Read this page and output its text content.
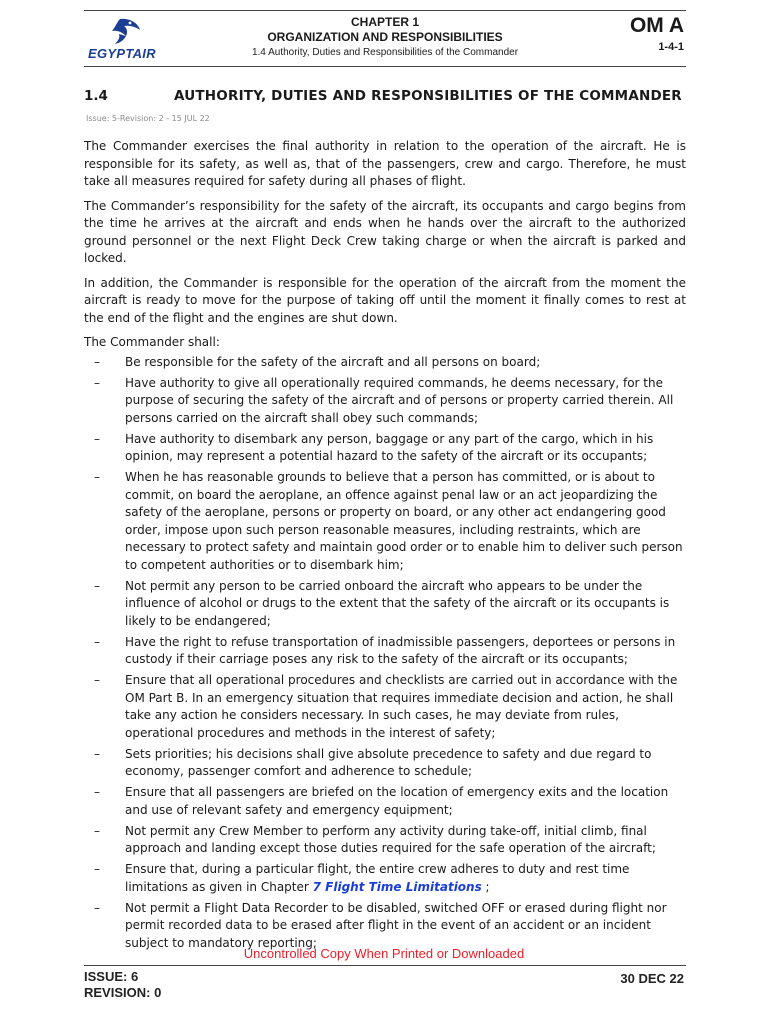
EGYPTAIR
CHAPTER 1
ORGANIZATION AND RESPONSIBILITIES
1.4 Authority, Duties and Responsibilities of the Commander
OM A
1-4-1
1.4	AUTHORITY, DUTIES AND RESPONSIBILITIES OF THE COMMANDER
Issue: 5-Revision: 2 - 15 JUL 22

The Commander exercises the final authority in relation to the operation of the aircraft. He is responsible for its safety, as well as, that of the passengers, crew and cargo. Therefore, he must take all measures required for safety during all phases of flight.

The Commander’s responsibility for the safety of the aircraft, its occupants and cargo begins from the time he arrives at the aircraft and ends when he hands over the aircraft to the authorized ground personnel or the next Flight Deck Crew taking charge or when the aircraft is parked and locked.

In addition, the Commander is responsible for the operation of the aircraft from the moment the aircraft is ready to move for the purpose of taking off until the moment it finally comes to rest at the end of the flight and the engines are shut down.

The Commander shall:

– Be responsible for the safety of the aircraft and all persons on board;
– Have authority to give all operationally required commands, he deems necessary, for the purpose of securing the safety of the aircraft and of persons or property carried therein. All persons carried on the aircraft shall obey such commands;
– Have authority to disembark any person, baggage or any part of the cargo, which in his opinion, may represent a potential hazard to the safety of the aircraft or its occupants;
– When he has reasonable grounds to believe that a person has committed, or is about to commit, on board the aeroplane, an offence against penal law or an act jeopardizing the safety of the aeroplane, persons or property on board, or any other act endangering good order, impose upon such person reasonable measures, including restraints, which are necessary to protect safety and maintain good order or to enable him to deliver such person to competent authorities or to disembark him;
– Not permit any person to be carried onboard the aircraft who appears to be under the influence of alcohol or drugs to the extent that the safety of the aircraft or its occupants is likely to be endangered;
– Have the right to refuse transportation of inadmissible passengers, deportees or persons in custody if their carriage poses any risk to the safety of the aircraft or its occupants;
– Ensure that all operational procedures and checklists are carried out in accordance with the OM Part B. In an emergency situation that requires immediate decision and action, he shall take any action he considers necessary. In such cases, he may deviate from rules, operational procedures and methods in the interest of safety;
– Sets priorities; his decisions shall give absolute precedence to safety and due regard to economy, passenger comfort and adherence to schedule;
– Ensure that all passengers are briefed on the location of emergency exits and the location and use of relevant safety and emergency equipment;
– Not permit any Crew Member to perform any activity during take-off, initial climb, final approach and landing except those duties required for the safe operation of the aircraft;
– Ensure that, during a particular flight, the entire crew adheres to duty and rest time limitations as given in Chapter 7 Flight Time Limitations ;
– Not permit a Flight Data Recorder to be disabled, switched OFF or erased during flight nor permit recorded data to be erased after flight in the event of an accident or an incident subject to mandatory reporting;
Uncontrolled Copy When Printed or Downloaded
ISSUE: 6
REVISION: 0
30 DEC 22
